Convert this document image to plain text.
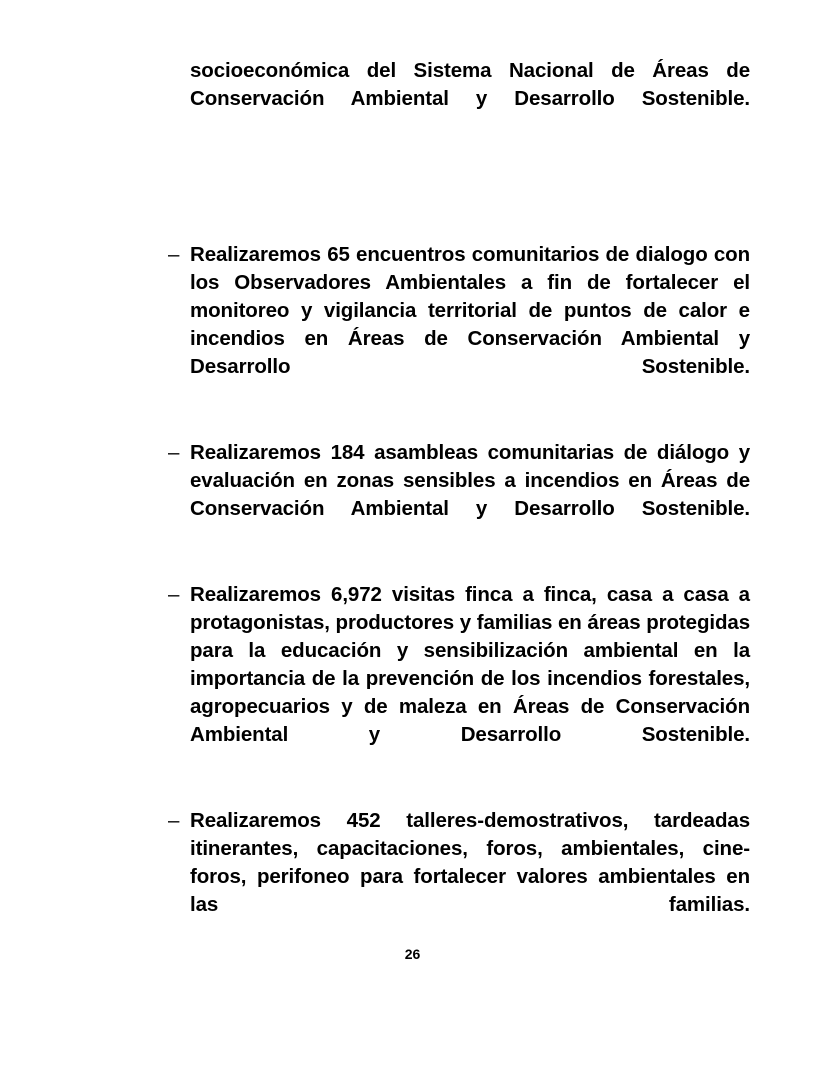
socioeconómica del Sistema Nacional de Áreas de Conservación Ambiental y Desarrollo Sostenible.

– Realizaremos 65 encuentros comunitarios de dialogo con los Observadores Ambientales a fin de fortalecer el monitoreo y vigilancia territorial de puntos de calor e incendios en Áreas de Conservación Ambiental y Desarrollo Sostenible.
– Realizaremos 184 asambleas comunitarias de diálogo y evaluación en zonas sensibles a incendios en Áreas de Conservación Ambiental y Desarrollo Sostenible.
– Realizaremos 6,972 visitas finca a finca, casa a casa a protagonistas, productores y familias en áreas protegidas para la educación y sensibilización ambiental en la importancia de la prevención de los incendios forestales, agropecuarios y de maleza en Áreas de Conservación Ambiental y Desarrollo Sostenible.
– Realizaremos 452 talleres-demostrativos, tardeadas itinerantes, capacitaciones, foros, ambientales, cine-foros, perifoneo para fortalecer valores ambientales en las familias.
26
